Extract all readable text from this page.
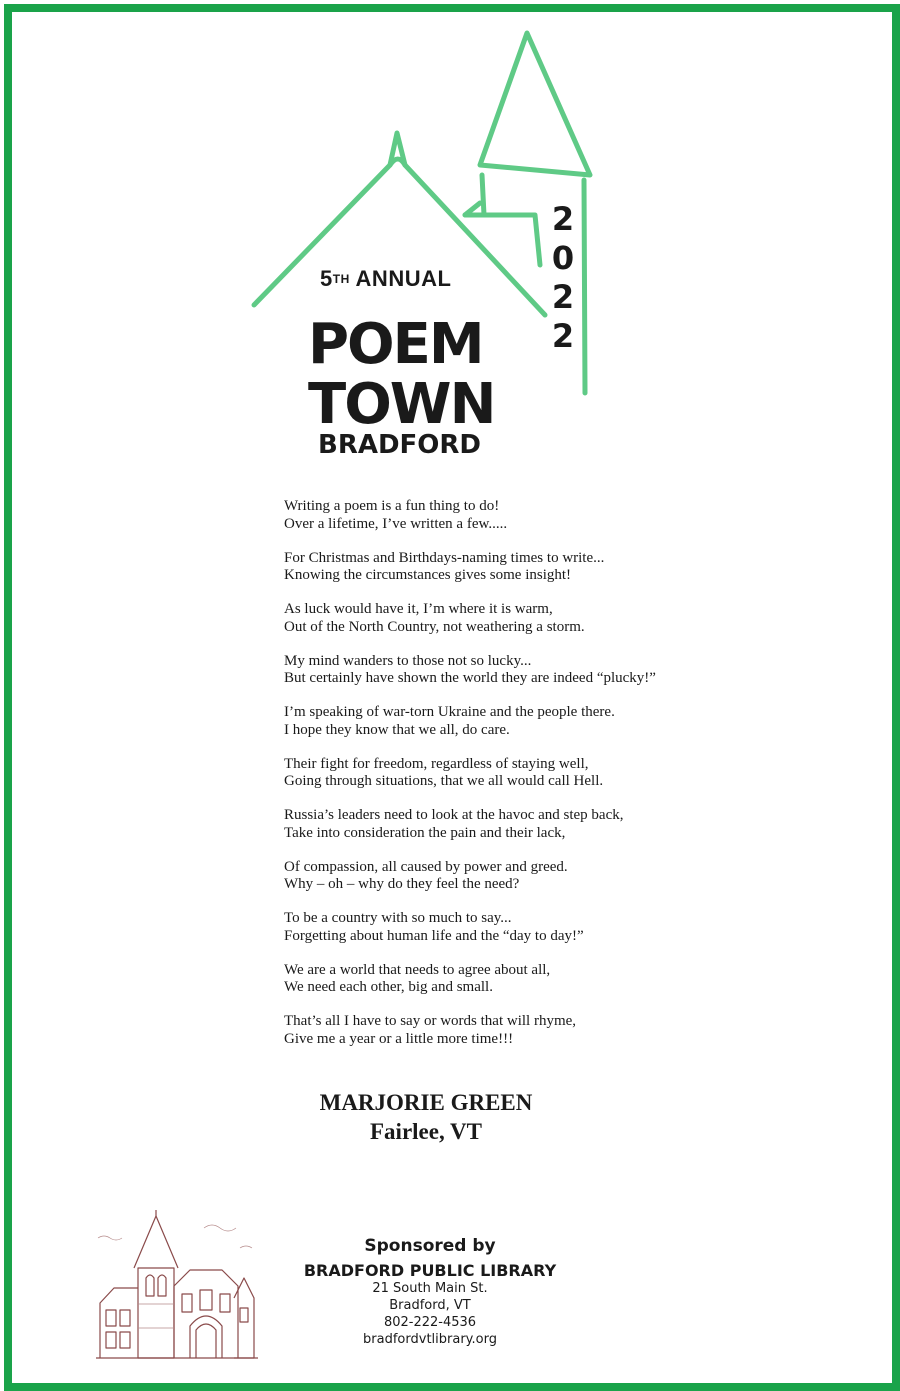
5TH ANNUAL
POEM
TOWN
BRADFORD
2
0
2
2
Writing a poem is a fun thing to do!
Over a lifetime, I’ve written a few.....
For Christmas and Birthdays-naming times to write...
Knowing the circumstances gives some insight!
As luck would have it, I’m where it is warm,
Out of the North Country, not weathering a storm.
My mind wanders to those not so lucky...
But certainly have shown the world they are indeed “plucky!”
I’m speaking of war-torn Ukraine and the people there.
I hope they know that we all, do care.
Their fight for freedom, regardless of staying well,
Going through situations, that we all would call Hell.
Russia’s leaders need to look at the havoc and step back,
Take into consideration the pain and their lack,
Of compassion, all caused by power and greed.
Why – oh – why do they feel the need?
To be a country with so much to say...
Forgetting about human life and the “day to day!”
We are a world that needs to agree about all,
We need each other, big and small.
That’s all I have to say or words that will rhyme,
Give me a year or a little more time!!!
MARJORIE GREEN
Fairlee, VT
Sponsored by
BRADFORD PUBLIC LIBRARY
21 South Main St.
Bradford, VT
802-222-4536
bradfordvtlibrary.org
